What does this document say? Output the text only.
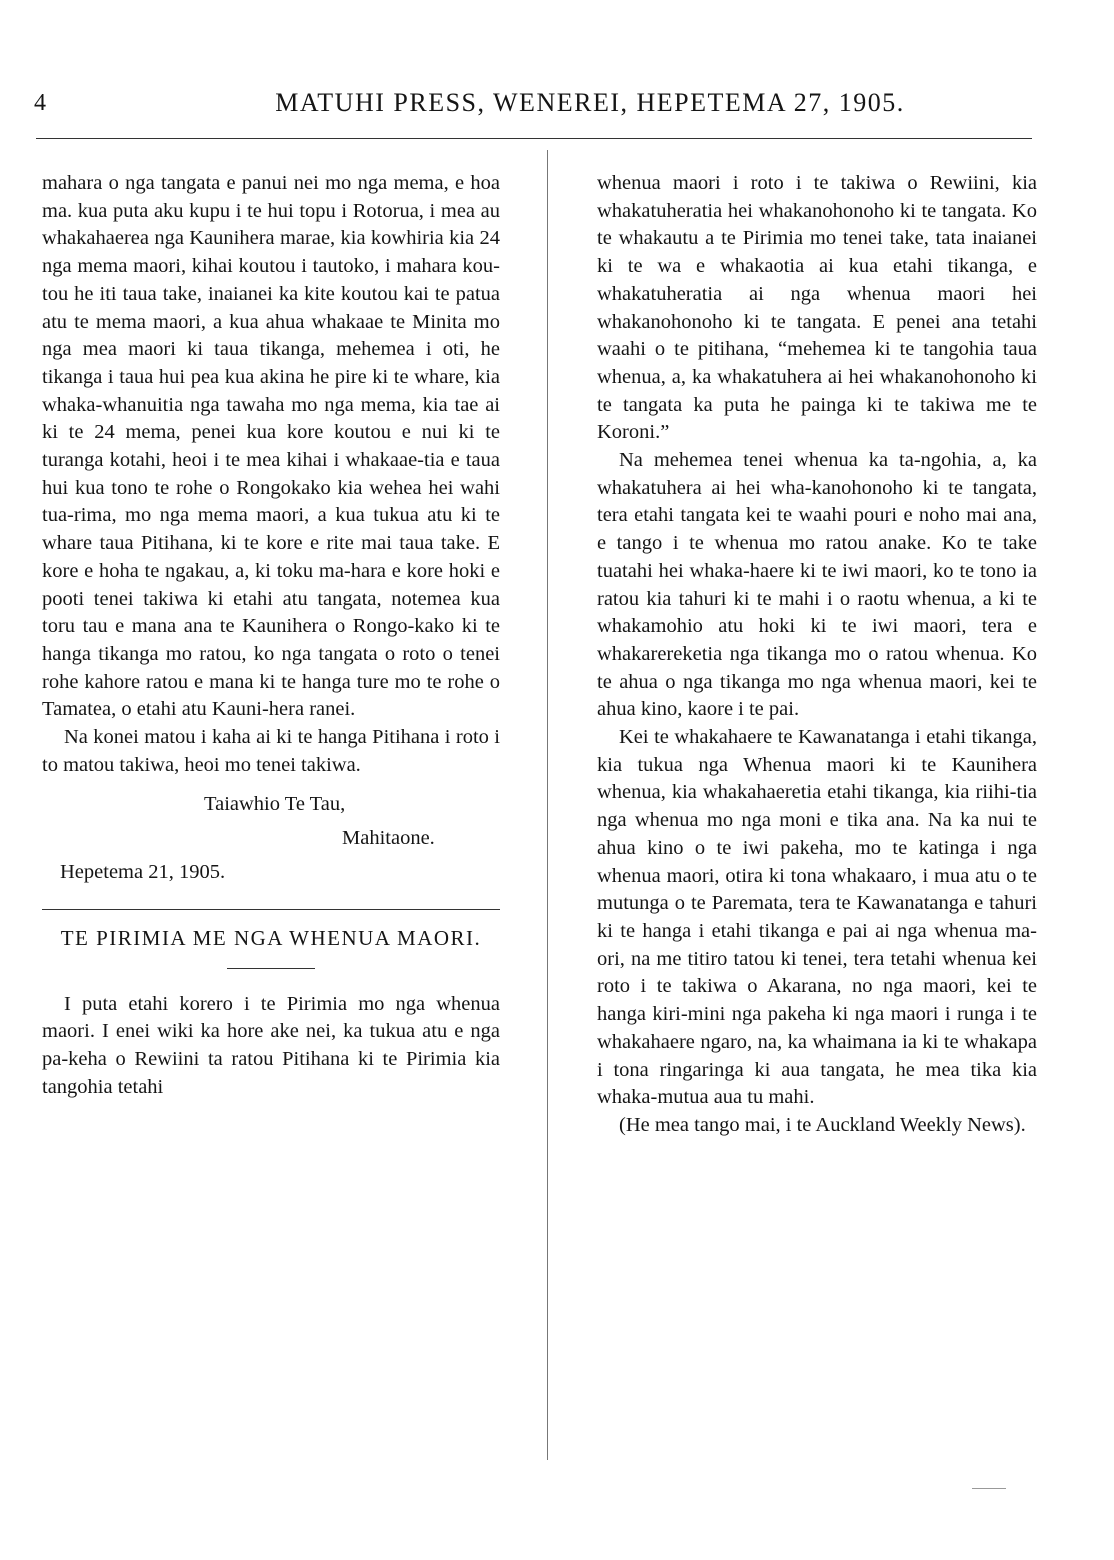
4	MATUHI PRESS, WENEREI, HEPETEMA 27, 1905.

mahara o nga tangata e panui nei mo nga mema, e hoa ma. kua puta aku kupu i te hui topu i Rotorua, i mea au whakahaerea nga Kaunihera marae, kia kowhiria kia 24 nga mema maori, kihai koutou i tautoko, i mahara kou-tou he iti taua take, inaianei ka kite koutou kai te patua atu te mema maori, a kua ahua whakaae te Minita mo nga mea maori ki taua tikanga, mehemea i oti, he tikanga i taua hui pea kua akina he pire ki te whare, kia whaka-whanuitia nga tawaha mo nga mema, kia tae ai ki te 24 mema, penei kua kore koutou e nui ki te turanga kotahi, heoi i te mea kihai i whakaae-tia e taua hui kua tono te rohe o Rongokako kia wehea hei wahi tua-rima, mo nga mema maori, a kua tukua atu ki te whare taua Pitihana, ki te kore e rite mai taua take. E kore e hoha te ngakau, a, ki toku ma-hara e kore hoki e pooti tenei takiwa ki etahi atu tangata, notemea kua toru tau e mana ana te Kaunihera o Rongo-kako ki te hanga tikanga mo ratou, ko nga tangata o roto o tenei rohe kahore ratou e mana ki te hanga ture mo te rohe o Tamatea, o etahi atu Kauni-hera ranei.

Na konei matou i kaha ai ki te hanga Pitihana i roto i to matou takiwa, heoi mo tenei takiwa.

Taiawhio Te Tau,

Mahitaone.

Hepetema 21, 1905.

TE PIRIMIA ME NGA WHENUA MAORI.

I puta etahi korero i te Pirimia mo nga whenua maori. I enei wiki ka hore ake nei, ka tukua atu e nga pa-keha o Rewiini ta ratou Pitihana ki te Pirimia kia tangohia tetahi

whenua maori i roto i te takiwa o Rewiini, kia whakatuheratia hei whakanohonoho ki te tangata. Ko te whakautu a te Pirimia mo tenei take, tata inaianei ki te wa e whakaotia ai kua etahi tikanga, e whakatuheratia ai nga whenua maori hei whakanohonoho ki te tangata. E penei ana tetahi waahi o te pitihana, “mehemea ki te tangohia taua whenua, a, ka whakatuhera ai hei whakanohonoho ki te tangata ka puta he painga ki te takiwa me te Koroni.”

Na mehemea tenei whenua ka ta-ngohia, a, ka whakatuhera ai hei wha-kanohonoho ki te tangata, tera etahi tangata kei te waahi pouri e noho mai ana, e tango i te whenua mo ratou anake. Ko te take tuatahi hei whaka-haere ki te iwi maori, ko te tono ia ratou kia tahuri ki te mahi i o raotu whenua, a ki te whakamohio atu hoki ki te iwi maori, tera e whakarereketia nga tikanga mo o ratou whenua. Ko te ahua o nga tikanga mo nga whenua maori, kei te ahua kino, kaore i te pai.

Kei te whakahaere te Kawanatanga i etahi tikanga, kia tukua nga Whenua maori ki te Kaunihera whenua, kia whakahaeretia etahi tikanga, kia riihi-tia nga whenua mo nga moni e tika ana. Na ka nui te ahua kino o te iwi pakeha, mo te katinga i nga whenua maori, otira ki tona whakaaro, i mua atu o te mutunga o te Paremata, tera te Kawanatanga e tahuri ki te hanga i etahi tikanga e pai ai nga whenua ma-ori, na me titiro tatou ki tenei, tera tetahi whenua kei roto i te takiwa o Akarana, no nga maori, kei te hanga kiri-mini nga pakeha ki nga maori i runga i te whakahaere ngaro, na, ka whaimana ia ki te whakapa i tona ringaringa ki aua tangata, he mea tika kia whaka-mutua aua tu mahi.

(He mea tango mai, i te Auckland Weekly News).
